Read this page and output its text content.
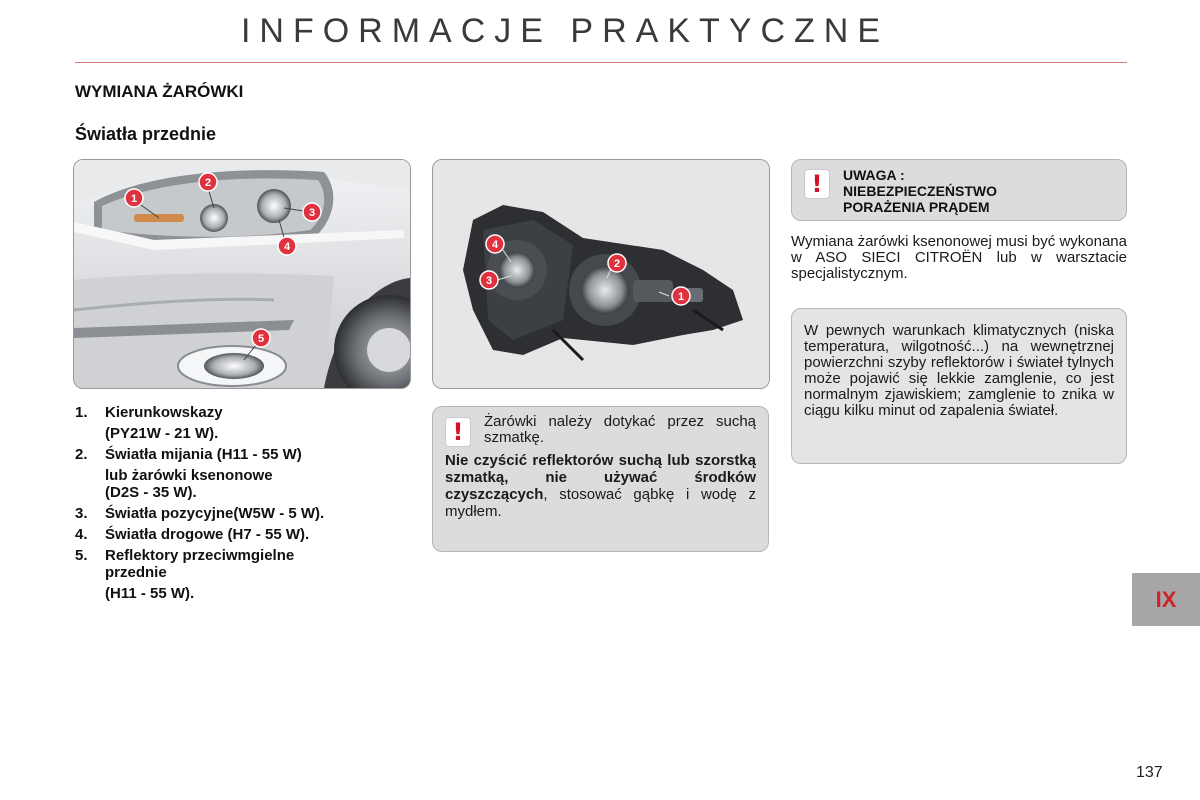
INFORMACJE PRAKTYCZNE
WYMIANA ŻARÓWKI
Światła przednie
1
2
3
4
5
4
3
2
1
1. Kierunkowskazy
(PY21W - 21 W).
2. Światła mijania (H11 - 55 W)
lub żarówki ksenonowe
(D2S - 35 W).
3. Światła pozycyjne(W5W - 5 W).
4. Światła drogowe (H7 - 55 W).
5. Reflektory przeciwmgielne przednie
(H11 - 55 W).
!	Żarówki należy dotykać przez suchą szmatkę.
Nie czyścić reflektorów suchą lub szorstką szmatką, nie używać środków czyszczących, stosować gąbkę i wodę z mydłem.
!	UWAGA :
NIEBEZPIECZEŃSTWO
PORAŻENIA PRĄDEM
Wymiana żarówki ksenonowej musi być wykonana w ASO SIECI CITROËN lub w warsztacie specjalistycznym.
W pewnych warunkach klimatycznych (niska temperatura, wilgotność...) na wewnętrznej powierzchni szyby reflektorów i świateł tylnych może pojawić się lekkie zamglenie, co jest normalnym zjawiskiem; zamglenie to znika w ciągu kilku minut od zapalenia świateł.
IX
137
